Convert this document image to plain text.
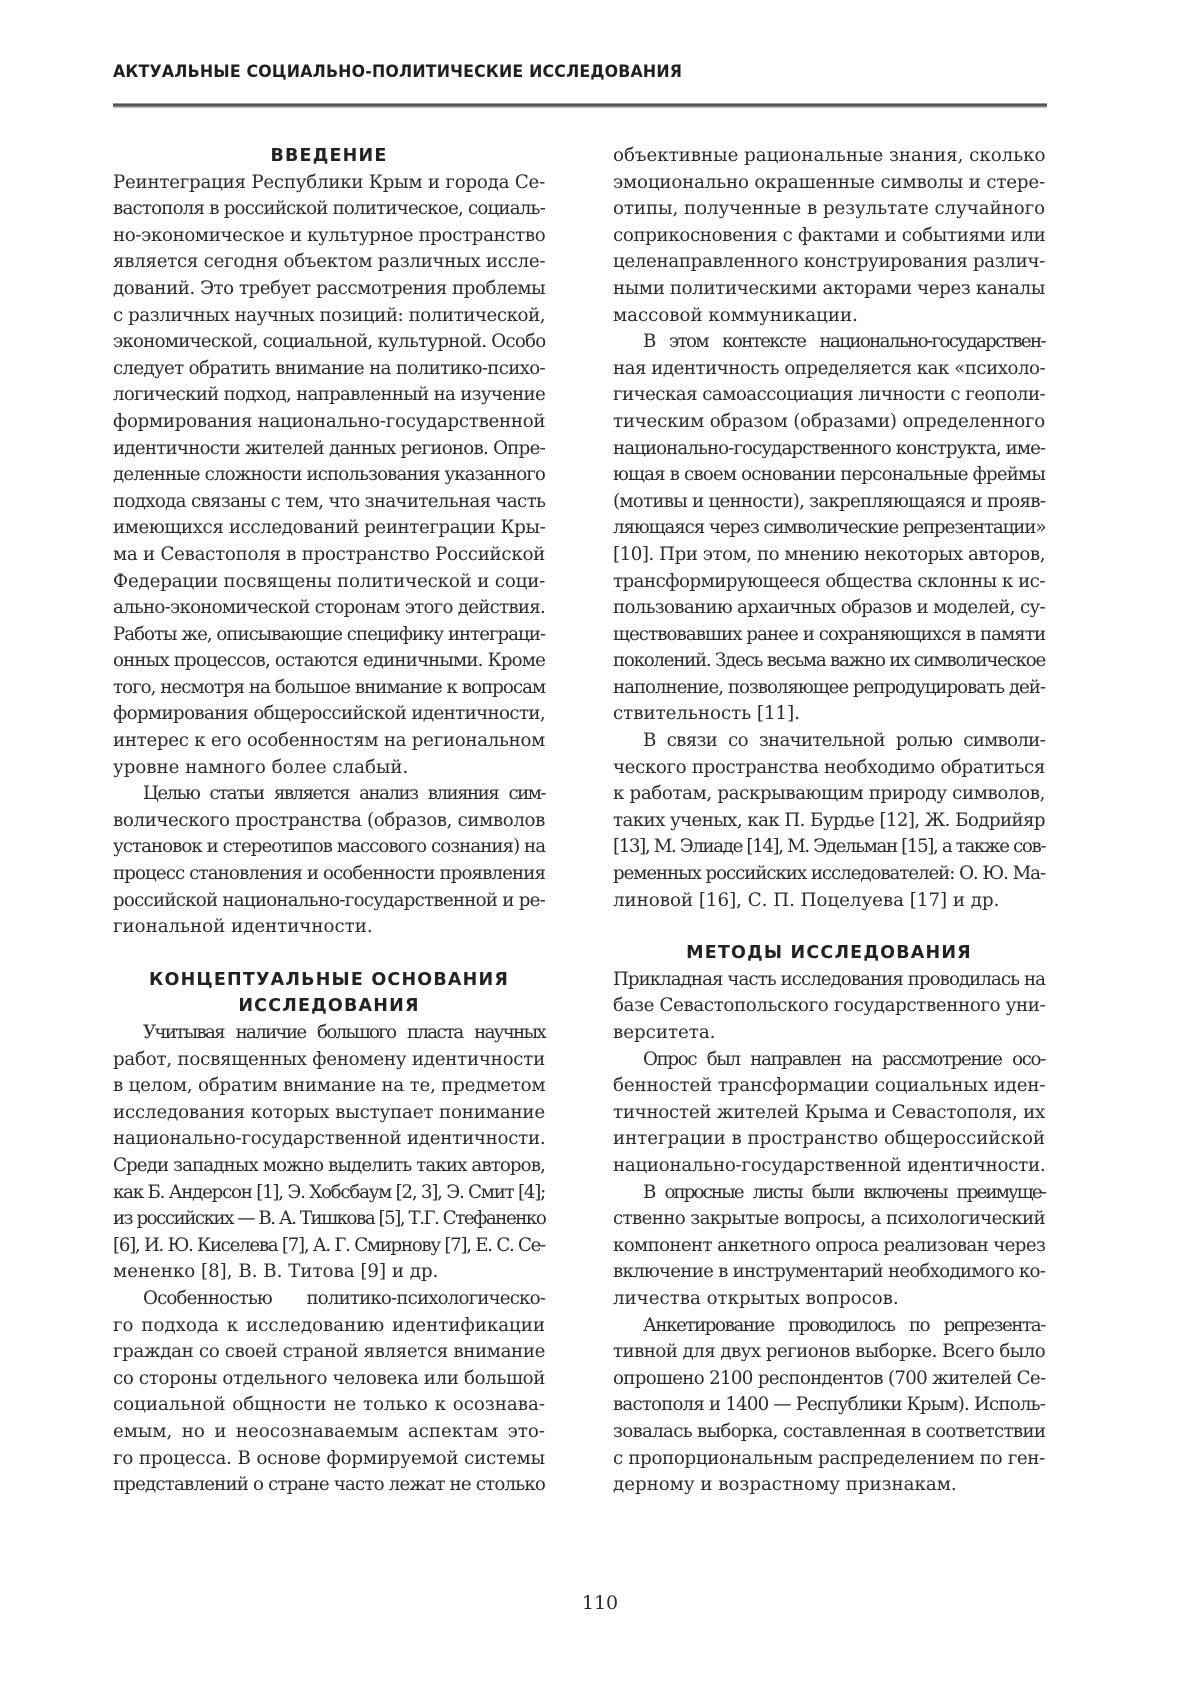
АКТУАЛЬНЫЕ СОЦИАЛЬНО-ПОЛИТИЧЕСКИЕ ИССЛЕДОВАНИЯ
ВВЕДЕНИЕ
Реинтеграция Республики Крым и города Се-
вастополя в российской политическое, социаль-
но-экономическое и культурное пространство
является сегодня объектом различных иссле-
дований. Это требует рассмотрения проблемы
с различных научных позиций: политической,
экономической, социальной, культурной. Особо
следует обратить внимание на политико-психо-
логический подход, направленный на изучение
формирования национально-государственной
идентичности жителей данных регионов. Опре-
деленные сложности использования указанного
подхода связаны с тем, что значительная часть
имеющихся исследований реинтеграции Кры-
ма и Севастополя в пространство Российской
Федерации посвящены политической и соци-
ально-экономической сторонам этого действия.
Работы же, описывающие специфику интеграци-
онных процессов, остаются единичными. Кроме
того, несмотря на большое внимание к вопросам
формирования общероссийской идентичности,
интерес к его особенностям на региональном
уровне намного более слабый.
Целью статьи является анализ влияния сим-
волического пространства (образов, символов
установок и стереотипов массового сознания) на
процесс становления и особенности проявления
российской национально-государственной и ре-
гиональной идентичности.
КОНЦЕПТУАЛЬНЫЕ ОСНОВАНИЯ
ИССЛЕДОВАНИЯ
Учитывая наличие большого пласта научных
работ, посвященных феномену идентичности
в целом, обратим внимание на те, предметом
исследования которых выступает понимание
национально-государственной идентичности.
Среди западных можно выделить таких авторов,
как Б. Андерсон [1], Э. Хобсбаум [2, 3], Э. Смит [4];
из российских — В. А. Тишкова [5], Т.Г. Стефаненко
[6], И. Ю. Киселева [7], А. Г. Смирнову [7], Е. С. Се-
мененко [8], В. В. Титова [9] и др.
Особенностью политико-психологическо-
го подхода к исследованию идентификации
граждан со своей страной является внимание
со стороны отдельного человека или большой
социальной общности не только к осознава-
емым, но и неосознаваемым аспектам это-
го процесса. В основе формируемой системы
представлений о стране часто лежат не столько
объективные рациональные знания, сколько
эмоционально окрашенные символы и стере-
отипы, полученные в результате случайного
соприкосновения с фактами и событиями или
целенаправленного конструирования различ-
ными политическими акторами через каналы
массовой коммуникации.
В этом контексте национально-государствен-
ная идентичность определяется как «психоло-
гическая самоассоциация личности с геополи-
тическим образом (образами) определенного
национально-государственного конструкта, име-
ющая в своем основании персональные фреймы
(мотивы и ценности), закрепляющаяся и прояв-
ляющаяся через символические репрезентации»
[10]. При этом, по мнению некоторых авторов,
трансформирующееся общества склонны к ис-
пользованию архаичных образов и моделей, су-
ществовавших ранее и сохраняющихся в памяти
поколений. Здесь весьма важно их символическое
наполнение, позволяющее репродуцировать дей-
ствительность [11].
В связи со значительной ролью символи-
ческого пространства необходимо обратиться
к работам, раскрывающим природу символов,
таких ученых, как П. Бурдье [12], Ж. Бодрийяр
[13], М. Элиаде [14], М. Эдельман [15], а также сов-
ременных российских исследователей: О. Ю. Ма-
линовой [16], С. П. Поцелуева [17] и др.
МЕТОДЫ ИССЛЕДОВАНИЯ
Прикладная часть исследования проводилась на
базе Севастопольского государственного уни-
верситета.
Опрос был направлен на рассмотрение осо-
бенностей трансформации социальных иден-
тичностей жителей Крыма и Севастополя, их
интеграции в пространство общероссийской
национально-государственной идентичности.
В опросные листы были включены преимуще-
ственно закрытые вопросы, а психологический
компонент анкетного опроса реализован через
включение в инструментарий необходимого ко-
личества открытых вопросов.
Анкетирование проводилось по репрезента-
тивной для двух регионов выборке. Всего было
опрошено 2100 респондентов (700 жителей Се-
вастополя и 1400 — Республики Крым). Исполь-
зовалась выборка, составленная в соответствии
с пропорциональным распределением по ген-
дерному и возрастному признакам.
110
